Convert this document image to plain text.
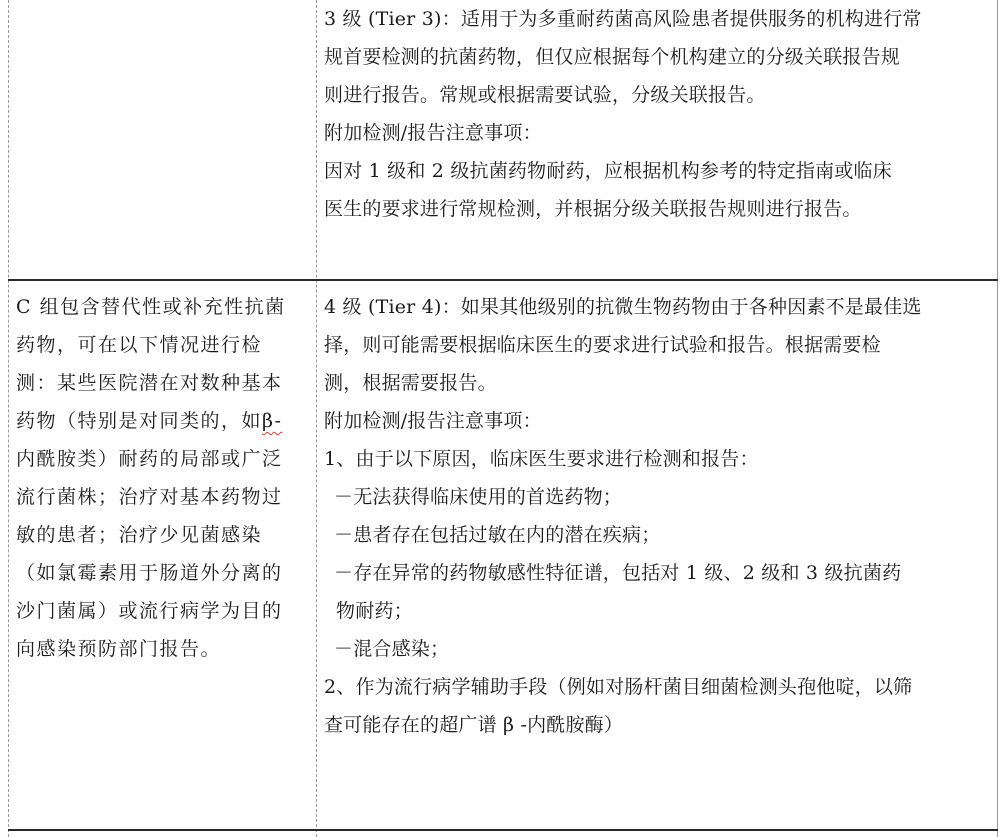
3 级 (Tier 3)：适用于为多重耐药菌高风险患者提供服务的机构进行常
规首要检测的抗菌药物，但仅应根据每个机构建立的分级关联报告规
则进行报告。常规或根据需要试验，分级关联报告。
附加检测/报告注意事项：
因对 1 级和 2 级抗菌药物耐药，应根据机构参考的特定指南或临床
医生的要求进行常规检测，并根据分级关联报告规则进行报告。
C 组包含替代性或补充性抗菌
药物，可在以下情况进行检
测：某些医院潜在对数种基本
药物（特别是对同类的，如β-
内酰胺类）耐药的局部或广泛
流行菌株；治疗对基本药物过
敏的患者；治疗少见菌感染
（如氯霉素用于肠道外分离的
沙门菌属）或流行病学为目的
向感染预防部门报告。
4 级 (Tier 4)：如果其他级别的抗微生物药物由于各种因素不是最佳选
择，则可能需要根据临床医生的要求进行试验和报告。根据需要检
测，根据需要报告。
附加检测/报告注意事项：
1、由于以下原因，临床医生要求进行检测和报告：
－无法获得临床使用的首选药物；
－患者存在包括过敏在内的潜在疾病；
－存在异常的药物敏感性特征谱，包括对 1 级、2 级和 3 级抗菌药
物耐药；
－混合感染；
2、作为流行病学辅助手段（例如对肠杆菌目细菌检测头孢他啶，以筛
查可能存在的超广谱 β -内酰胺酶）
